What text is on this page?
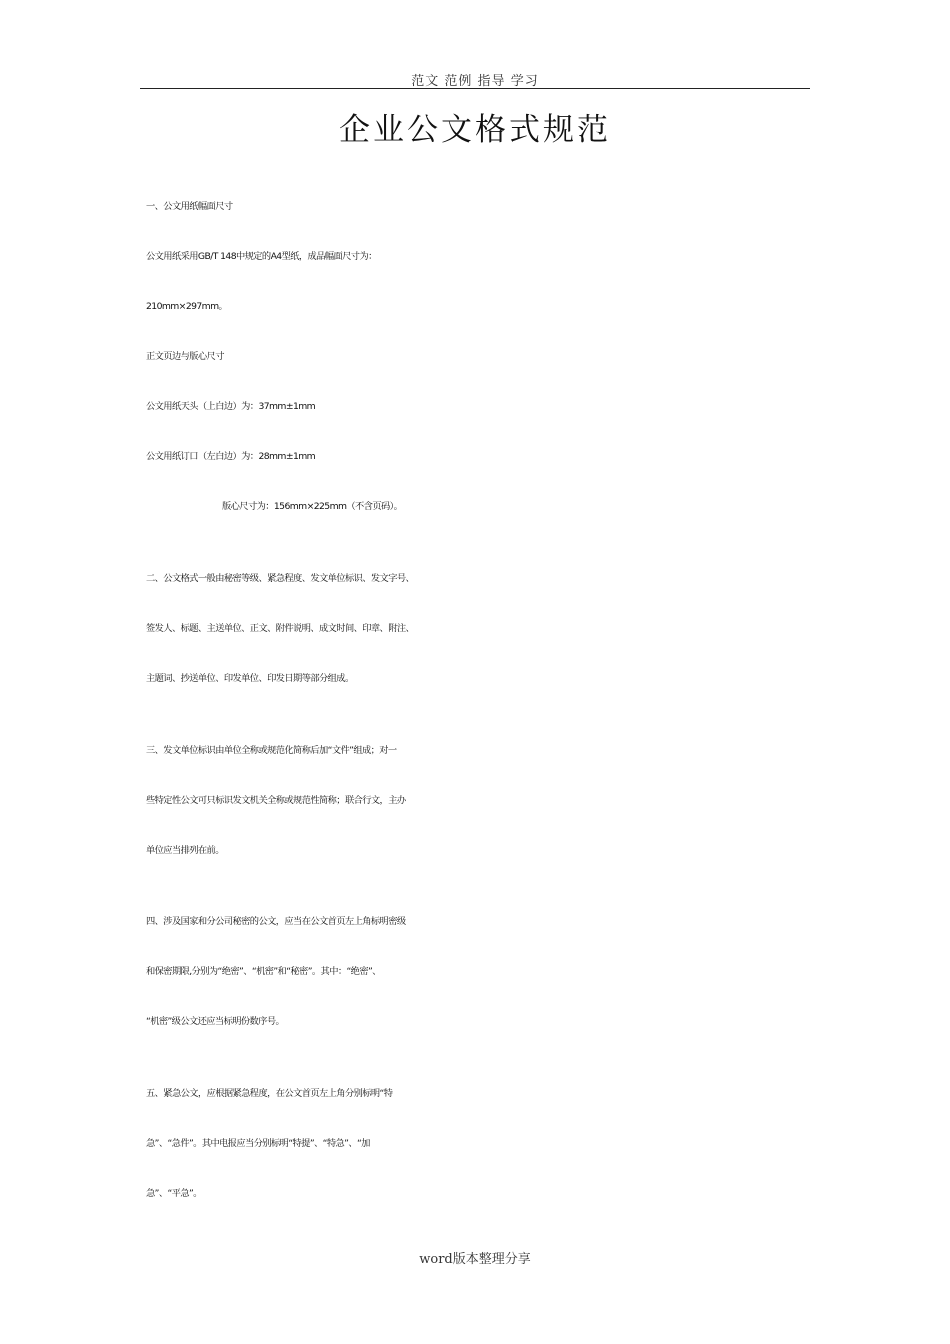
范文 范例 指导 学习
企业公文格式规范
一、公文用纸幅面尺寸
公文用纸采用GB/T 148中规定的A4型纸，成品幅面尺寸为：
210mm×297mm。
正文页边与版心尺寸
公文用纸天头（上白边）为：37mm±1mm
公文用纸订口（左白边）为：28mm±1mm
版心尺寸为：156mm×225mm（不含页码）。
二、公文格式一般由秘密等级、紧急程度、发文单位标识、发文字号、
签发人、标题、主送单位、正文、附件说明、成文时间、印章、附注、
主题词、抄送单位、印发单位、印发日期等部分组成。
三、发文单位标识由单位全称或规范化简称后加“文件”组成；对一
些特定性公文可只标识发文机关全称或规范性简称；联合行文，主办
单位应当排列在前。
四、涉及国家和分公司秘密的公文，应当在公文首页左上角标明密级
和保密期限,分别为“绝密”、“机密”和“秘密”。其中：“绝密”、
“机密”级公文还应当标明份数序号。
五、紧急公文，应根据紧急程度，在公文首页左上角分别标明“特
急”、“急件”。其中电报应当分别标明“特提”、“特急”、“加
急”、“平急”。
word版本整理分享
